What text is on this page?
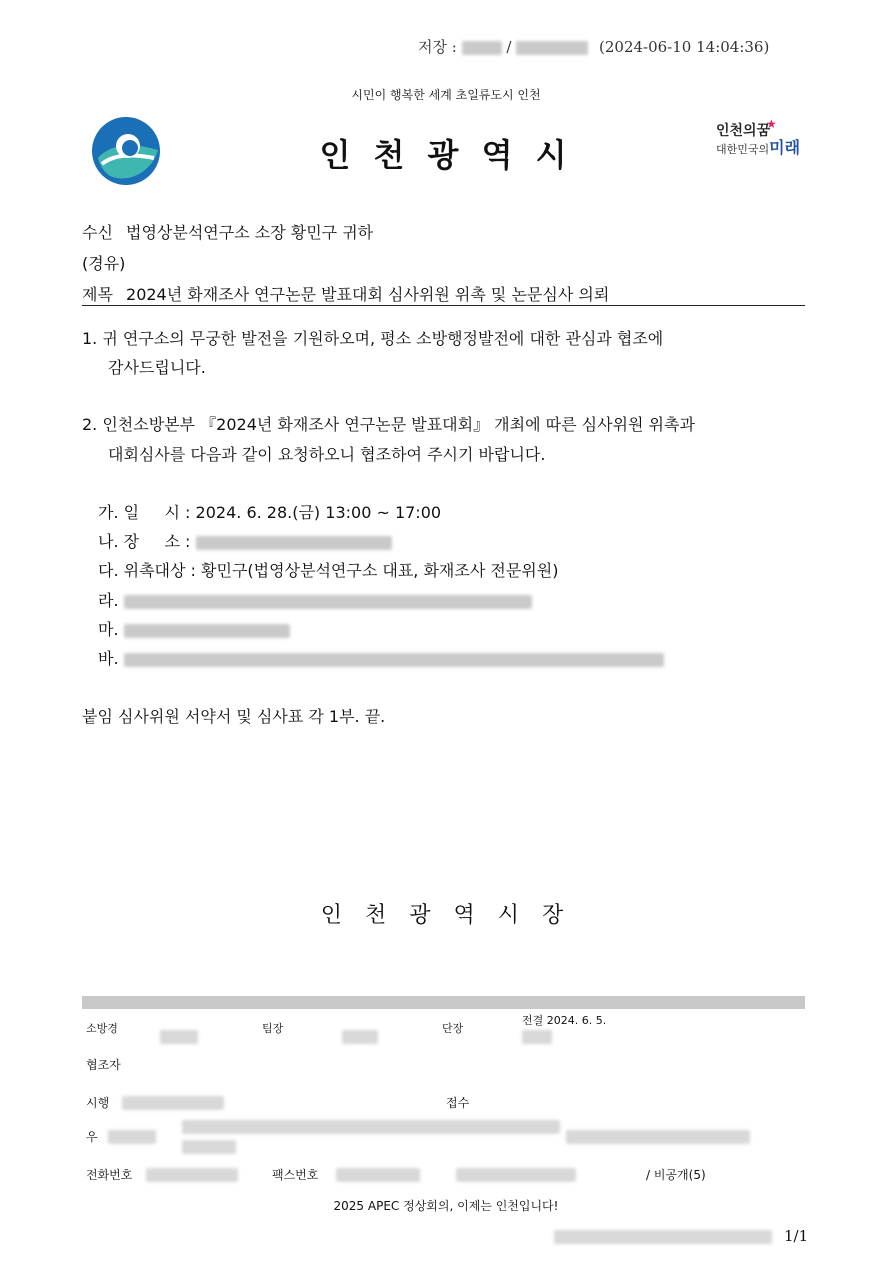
저장 :	/	(2024-06-10 14:04:36)
시민이 행복한 세계 초일류도시 인천
인 천 광 역 시
인천의꿈
대한민국의미래
★
수신 법영상분석연구소 소장 황민구 귀하
(경유)
제목 2024년 화재조사 연구논문 발표대회 심사위원 위촉 및 논문심사 의뢰
1. 귀 연구소의 무궁한 발전을 기원하오며, 평소 소방행정발전에 대한 관심과 협조에
감사드립니다.
2. 인천소방본부 『2024년 화재조사 연구논문 발표대회』 개최에 따른 심사위원 위촉과
대회심사를 다음과 같이 요청하오니 협조하여 주시기 바랍니다.
가. 일     시 : 2024. 6. 28.(금) 13:00 ~ 17:00
나. 장     소 :
다. 위촉대상 : 황민구(법영상분석연구소 대표, 화재조사 전문위원)
라.
마.
바.
붙임 심사위원 서약서 및 심사표 각 1부. 끝.
인 천 광 역 시 장
소방경	팀장	단장
전결 2024. 6. 5.
협조자
시행	접수
우
전화번호	팩스번호	/ 비공개(5)
2025 APEC 정상회의, 이제는 인천입니다!
1/1
